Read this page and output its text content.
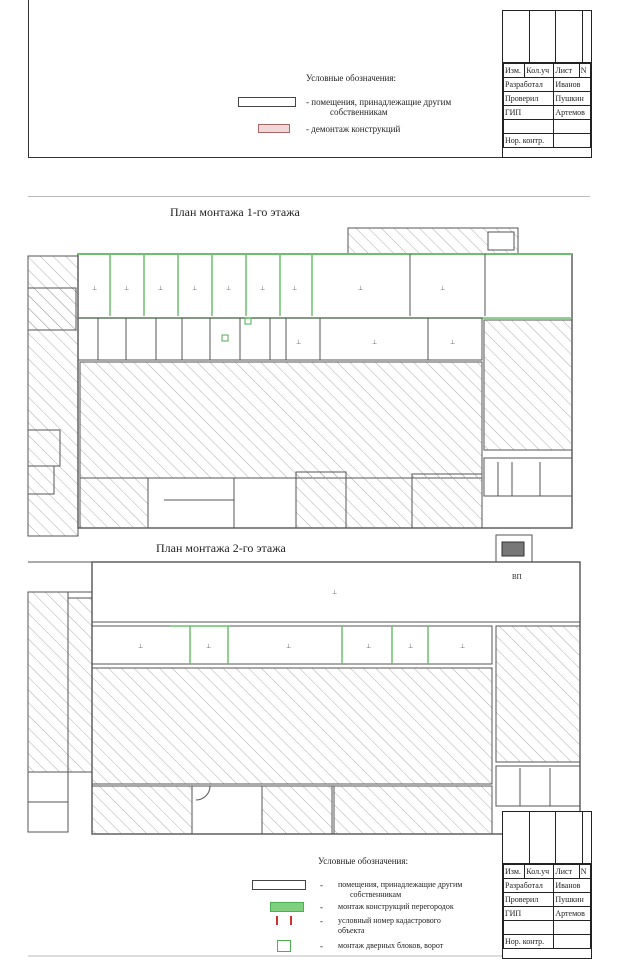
Условные обозначения:
- помещения, принадлежащие другим
собственникам
- демонтаж конструкций
Изм.	Кол.уч	Лист	N
Разработал		Иванов	
Проверил		Пушкин	
ГИП		Артемов	

Нор. контр.			
⊥	⊥	⊥	⊥	⊥	⊥	⊥	⊥	⊥
⊥	⊥	⊥
⊥
⊥	⊥	⊥	⊥	⊥	⊥
План монтажа 1-го этажа
План монтажа 2-го этажа
ВП
Условные обозначения:
- помещения, принадлежащие другим
собственникам
- монтаж конструкций перегородок
- условный номер кадастрового
объекта
- монтаж дверных блоков, ворот
Изм.	Кол.уч	Лист	N
Разработал		Иванов	
Проверил		Пушкин	
ГИП		Артемов	

Нор. контр.			
